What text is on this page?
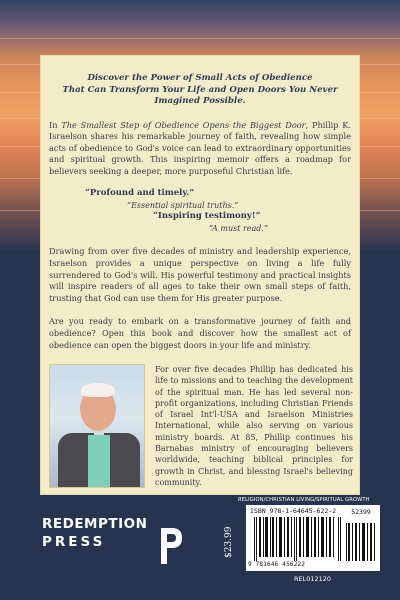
Discover the Power of Small Acts of Obedience
That Can Transform Your Life and Open Doors You Never Imagined Possible.

In The Smallest Step of Obedience Opens the Biggest Door, Phillip K. Israelson shares his remarkable journey of faith, revealing how simple acts of obedience to God's voice can lead to extraordinary opportunities and spiritual growth. This inspiring memoir offers a roadmap for believers seeking a deeper, more purposeful Christian life.

“Profound and timely.”
“Essential spiritual truths.”
“Inspiring testimony!”
“A must read.”

Drawing from over five decades of ministry and leadership experience, Israelson provides a unique perspective on living a life fully surrendered to God's will. His powerful testimony and practical insights will inspire readers of all ages to take their own small steps of faith, trusting that God can use them for His greater purpose.

Are you ready to embark on a transformative journey of faith and obedience? Open this book and discover how the smallest act of obedience can open the biggest doors in your life and ministry.

For over five decades Phillip has dedicated his life to missions and to teaching the development of the spiritual man. He has led several non-profit organizations, including Christian Friends of Israel Int'l-USA and Israelson Ministries International, while also serving on various ministry boards. At 85, Phillip continues his Barnabas ministry of encouraging believers worldwide, teaching biblical principles for growth in Christ, and blessing Israel's believing community.

REDEMPTION
PRESS	$23.99
RELIGION/CHRISTIAN LIVING/SPIRITUAL GROWTH
ISBN 978-1-64645-622-2	52399
9 781646 456222
REL012120
